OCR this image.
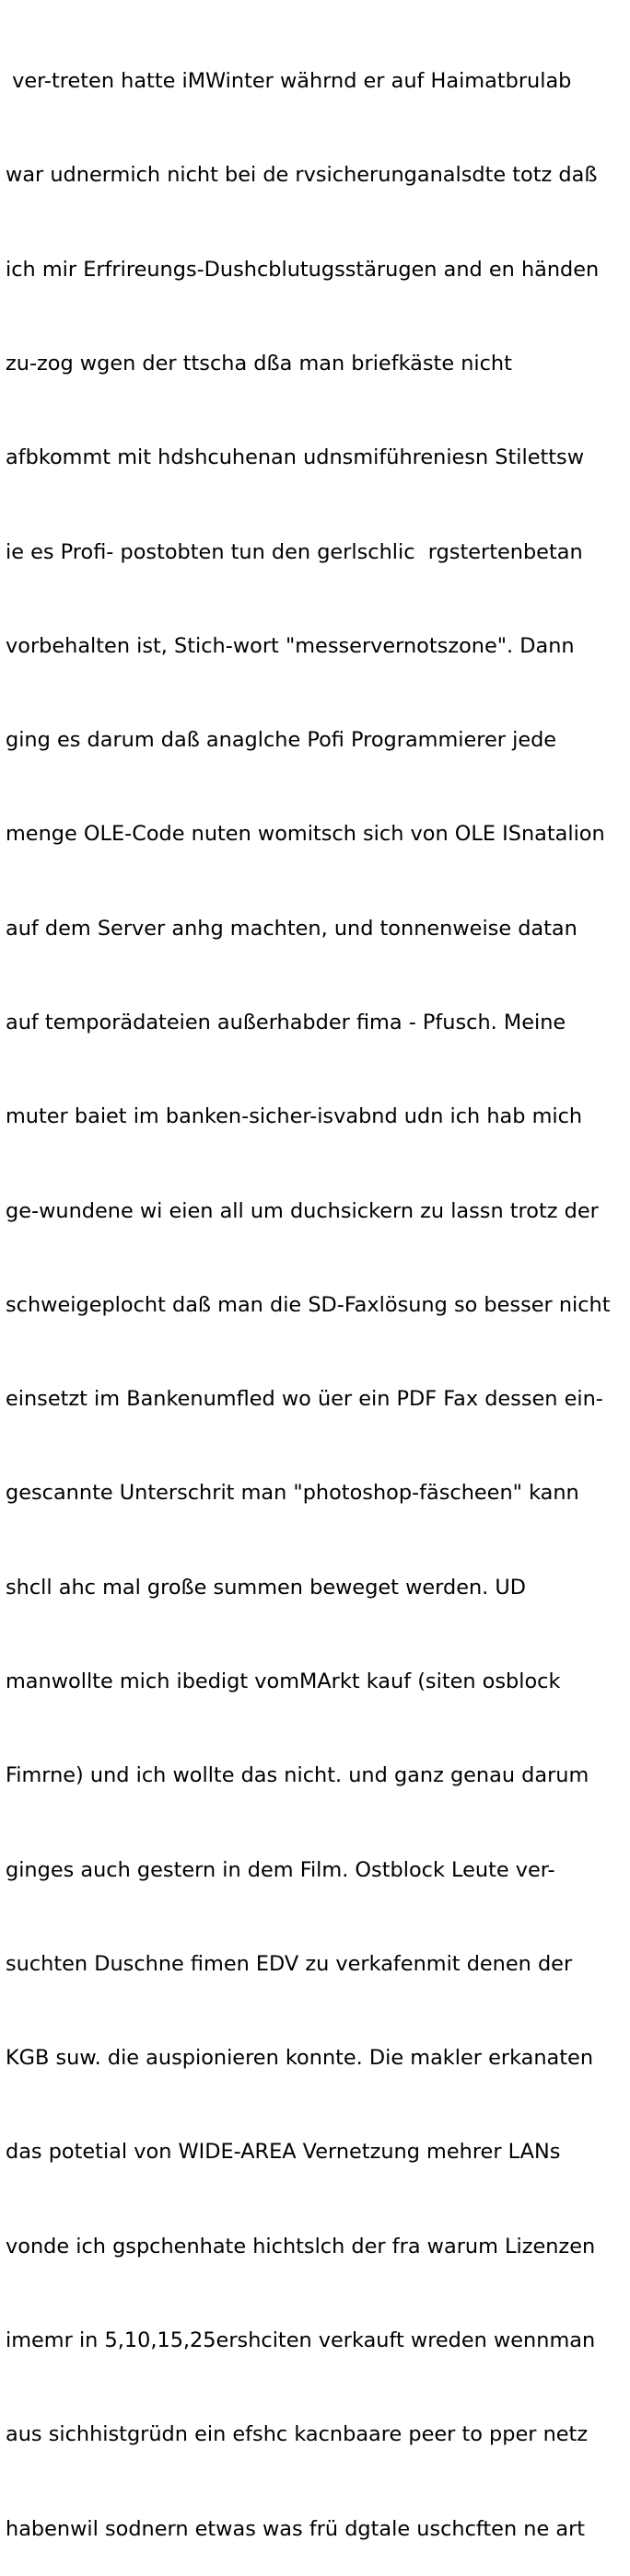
ver-treten hatte iMWinter währnd er auf Haimatbrulab

war udnermich nicht bei de rvsicherunganalsdte totz daß

ich mir Erfrireungs-Dushcblutugsstärugen and en händen

zu-zog wgen der ttscha dßa man briefkäste nicht

afbkommt mit hdshcuhenan udnsmiführeniesn Stilettsw

ie es Profi- postobten tun den gerlschlic  rgstertenbetan

vorbehalten ist, Stich-wort "messervernotszone". Dann

ging es darum daß anaglche Pofi Programmierer jede

menge OLE-Code nuten womitsch sich von OLE ISnatalion

auf dem Server anhg machten, und tonnenweise datan

auf temporädateien außerhabder fima - Pfusch. Meine

muter baiet im banken-sicher-isvabnd udn ich hab mich

ge-wundene wi eien all um duchsickern zu lassn trotz der

schweigeplocht daß man die SD-Faxlösung so besser nicht

einsetzt im Bankenumfled wo üer ein PDF Fax dessen ein-

gescannte Unterschrit man "photoshop-fäscheen" kann

shcll ahc mal große summen beweget werden. UD

manwollte mich ibedigt vomMArkt kauf (siten osblock

Fimrne) und ich wollte das nicht. und ganz genau darum

ginges auch gestern in dem Film. Ostblock Leute ver-

suchten Duschne fimen EDV zu verkafenmit denen der

KGB suw. die auspionieren konnte. Die makler erkanaten

das potetial von WIDE-AREA Vernetzung mehrer LANs

vonde ich gspchenhate hichtslch der fra warum Lizenzen

imemr in 5,10,15,25ershciten verkauft wreden wennman

aus sichhistgrüdn ein efshc kacnbaare peer to pper netz

habenwil sodnern etwas was frü dgtale uschcften ne art
